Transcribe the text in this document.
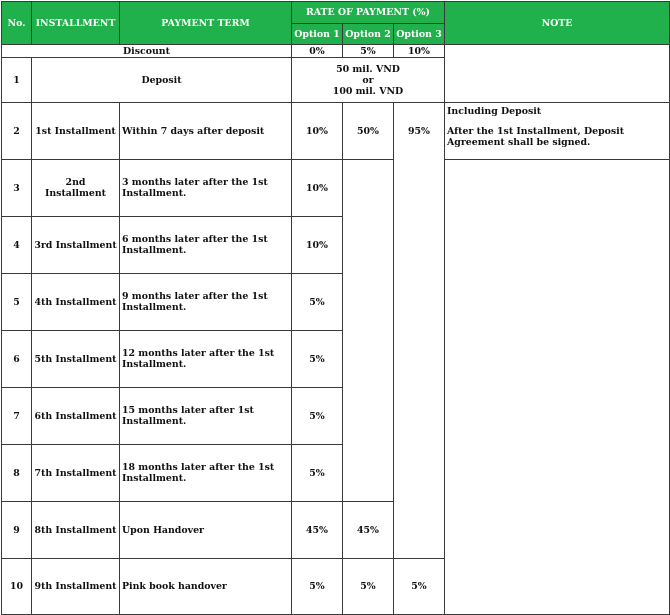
No.	INSTALLMENT	PAYMENT TERM	RATE OF PAYMENT (%)			NOTE
			Option 1	Option 2	Option 3	
Discount			0%	5%	10%	
1	Deposit		50 mil. VND
or
100 mil. VND			

2	1st Installment	Within 7 days after deposit	10%	50%	95%	Including Deposit
After the 1st Installment, Deposit Agreement shall be signed.
3	2nd Installment	3 months later after the 1st Installment.	10%			
4	3rd Installment	6 months later after the 1st Installment.	10%			
5	4th Installment	9 months later after the 1st Installment.	5%			
6	5th Installment	12 months later after the 1st Installment.	5%			
7	6th Installment	15 months later after 1st Installment.	5%			
8	7th Installment	18 months later after the 1st Installment.	5%			
9	8th Installment	Upon Handover	45%	45%		
10	9th Installment	Pink book handover	5%	5%	5%	
